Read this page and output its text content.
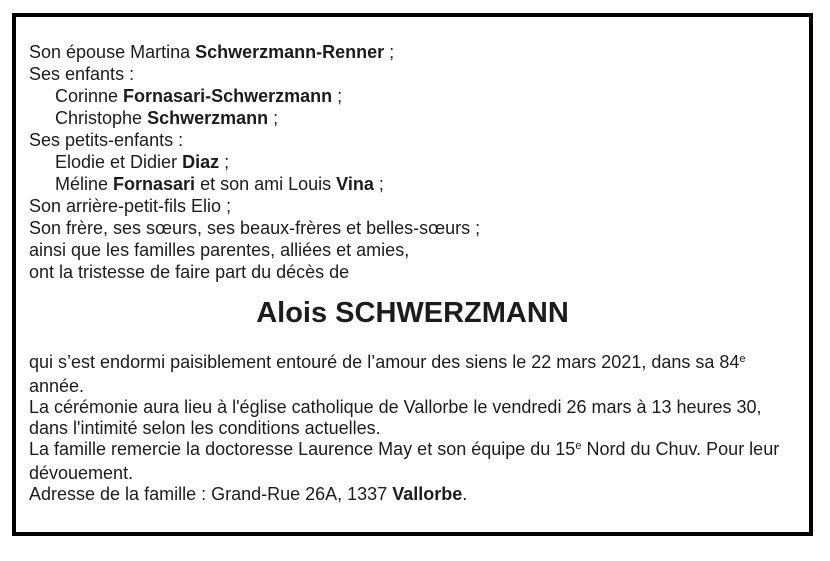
Son épouse Martina Schwerzmann-Renner ;
Ses enfants :
Corinne Fornasari-Schwerzmann ;
Christophe Schwerzmann ;
Ses petits-enfants :
Elodie et Didier Diaz ;
Méline Fornasari et son ami Louis Vina ;
Son arrière-petit-fils Elio ;
Son frère, ses sœurs, ses beaux-frères et belles-sœurs ;
ainsi que les familles parentes, alliées et amies,
ont la tristesse de faire part du décès de
Alois SCHWERZMANN
qui s’est endormi paisiblement entouré de l’amour des siens le 22 mars 2021, dans sa 84e
année.
La cérémonie aura lieu à l'église catholique de Vallorbe le vendredi 26 mars à 13 heures 30,
dans l'intimité selon les conditions actuelles.
La famille remercie la doctoresse Laurence May et son équipe du 15e Nord du Chuv. Pour leur
dévouement.
Adresse de la famille : Grand-Rue 26A, 1337 Vallorbe.
